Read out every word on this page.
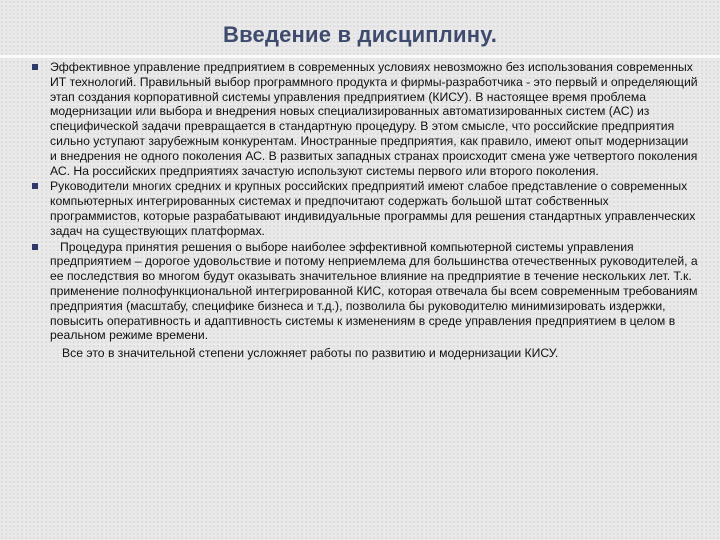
Введение в дисциплину.

Эффективное управление предприятием в современных условиях невозможно без использования современных ИТ технологий. Правильный выбор программного продукта и фирмы-разработчика - это первый и определяющий этап создания корпоративной системы управления предприятием (КИСУ). В настоящее время проблема модернизации или выбора и внедрения новых специализированных автоматизированных систем (АС) из специфической задачи превращается в стандартную процедуру. В этом смысле, что российские предприятия сильно уступают зарубежным конкурентам. Иностранные предприятия, как правило, имеют опыт модернизации и внедрения не одного поколения АС. В развитых западных странах происходит смена уже четвертого поколения АС. На российских предприятиях зачастую используют системы первого или второго поколения.

Руководители многих средних и крупных российских предприятий имеют слабое представление о современных компьютерных интегрированных системах и предпочитают содержать большой штат собственных программистов, которые разрабатывают индивидуальные программы для решения стандартных управленческих задач на существующих платформах.

Процедура принятия решения о выборе наиболее эффективной компьютерной системы управления предприятием – дорогое удовольствие и потому неприемлема для большинства отечественных руководителей, а ее последствия во многом будут оказывать значительное влияние на предприятие в течение нескольких лет. Т.к. применение полнофункциональной интегрированной КИС, которая отвечала бы всем современным требованиям предприятия (масштабу, специфике бизнеса и т.д.), позволила бы руководителю минимизировать издержки, повысить оперативность и адаптивность системы к изменениям в среде управления предприятием в целом в реальном режиме времени.

Все это в значительной степени усложняет работы по развитию и модернизации КИСУ.
